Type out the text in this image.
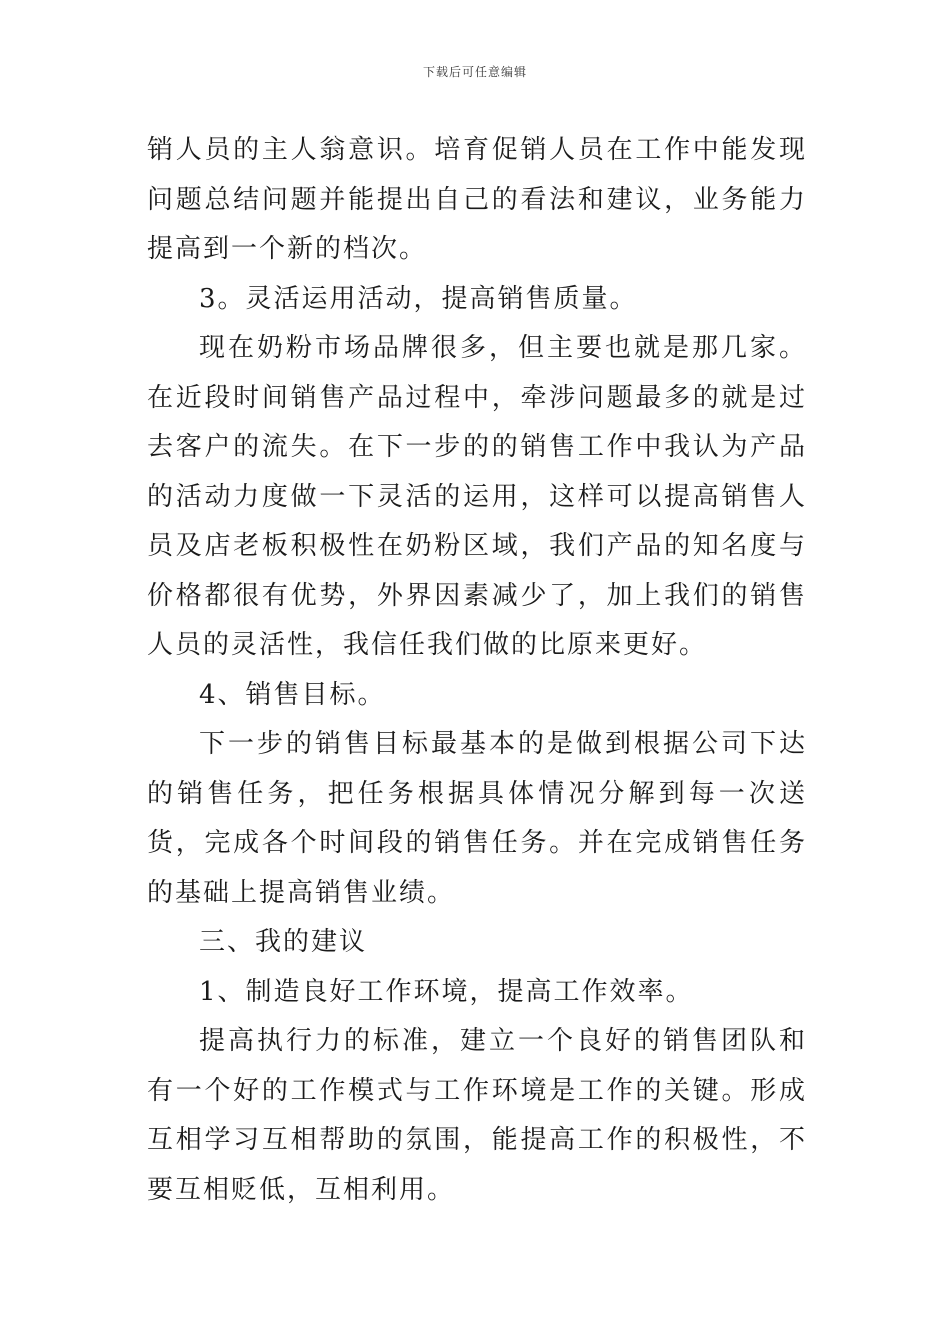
下载后可任意编辑

销人员的主人翁意识。培育促销人员在工作中能发现问题总结问题并能提出自己的看法和建议，业务能力提高到一个新的档次。

3。灵活运用活动，提高销售质量。

现在奶粉市场品牌很多，但主要也就是那几家。在近段时间销售产品过程中，牵涉问题最多的就是过去客户的流失。在下一步的的销售工作中我认为产品的活动力度做一下灵活的运用，这样可以提高销售人员及店老板积极性在奶粉区域，我们产品的知名度与价格都很有优势，外界因素减少了，加上我们的销售人员的灵活性，我信任我们做的比原来更好。

4、销售目标。

下一步的销售目标最基本的是做到根据公司下达的销售任务，把任务根据具体情况分解到每一次送货，完成各个时间段的销售任务。并在完成销售任务的基础上提高销售业绩。

三、我的建议

1、制造良好工作环境，提高工作效率。

提高执行力的标准，建立一个良好的销售团队和有一个好的工作模式与工作环境是工作的关键。形成互相学习互相帮助的氛围，能提高工作的积极性，不要互相贬低，互相利用。
